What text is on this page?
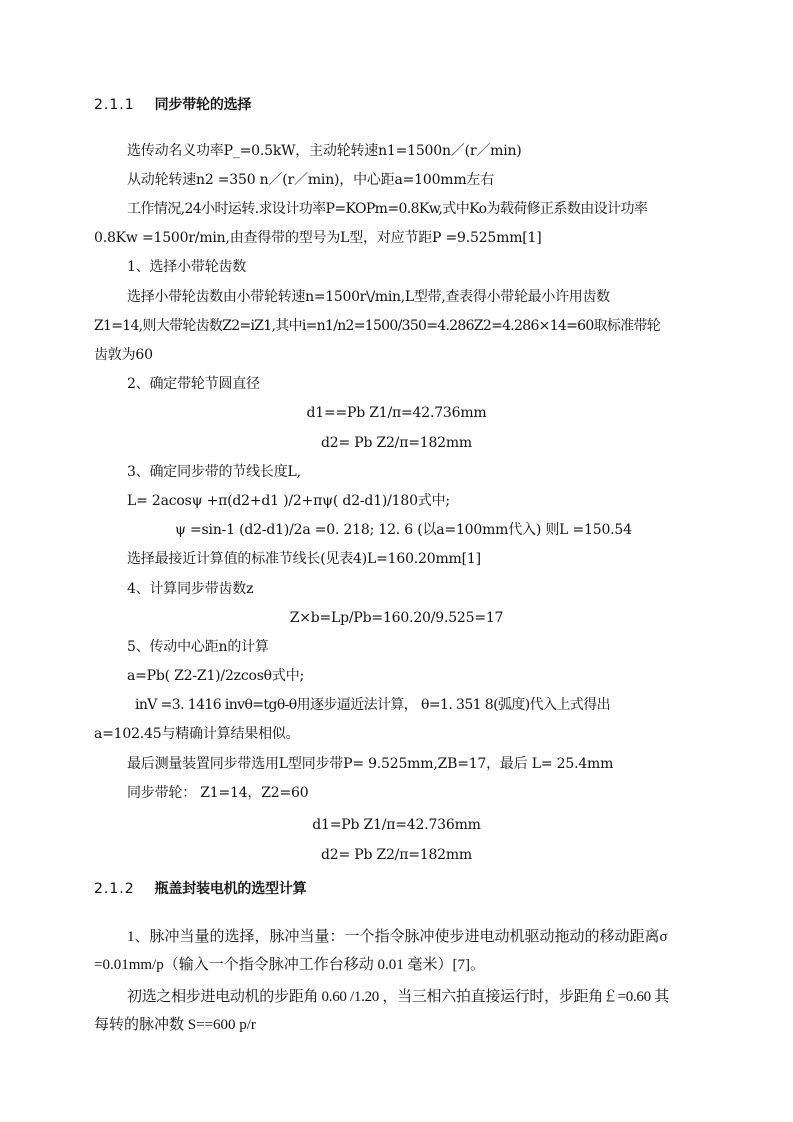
2.1.1 同步带轮的选择
选传动名义功率P_=0.5kW，主动轮转速n1=1500n／(r／min)
从动轮转速n2 =350 n／(r／min)，中心距a=100mm左右
工作情况,24小时运转.求设计功率P=KOPm=0.8Kw,式中Ko为载荷修正系数由设计功率
0.8Kw =1500r/min,由查得带的型号为L型，对应节距P =9.525mm[1]
1、选择小带轮齿数
选择小带轮齿数由小带轮转速n=1500r\/min,L型带,查表得小带轮最小许用齿数
Z1=14,则大带轮齿数Z2=iZ1,其中i=n1/n2=1500/350=4.286Z2=4.286×14=60取标准带轮
齿敦为60
2、确定带轮节圆直径
d1==Pb Z1/π=42.736mm
d2= Pb Z2/π=182mm
3、确定同步带的节线长度L,
L= 2acosψ +π(d2+d1 )/2+πψ( d2-d1)/180式中;
ψ =sin-1 (d2-d1)/2a =0. 218; 12. 6 (以a=100mm代入) 则L =150.54
选择最接近计算值的标准节线长(见表4)L=160.20mm[1]
4、计算同步带齿数z
Z×b=Lp/Pb=160.20/9.525=17
5、传动中心距n的计算
a=Pb( Z2-Z1)/2zcosθ式中;
inV =3. 1416 invθ=tgθ-θ用逐步逼近法计算， θ=1. 351 8(弧度)代入上式得出
a=102.45与精确计算结果相似。
最后测量装置同步带选用L型同步带P= 9.525mm,ZB=17，最后 L= 25.4mm
同步带轮： Z1=14，Z2=60
d1=Pb Z1/π=42.736mm
d2= Pb Z2/π=182mm
2.1.2 瓶盖封装电机的选型计算
1、脉冲当量的选择，脉冲当量：一个指令脉冲使步进电动机驱动拖动的移动距离σ
=0.01mm/p（输入一个指令脉冲工作台移动 0.01 毫米）[7]。
初选之相步进电动机的步距角 0.60 /1.20 ，当三相六拍直接运行时，步距角￡=0.60 其
每转的脉冲数 S==600 p/r
